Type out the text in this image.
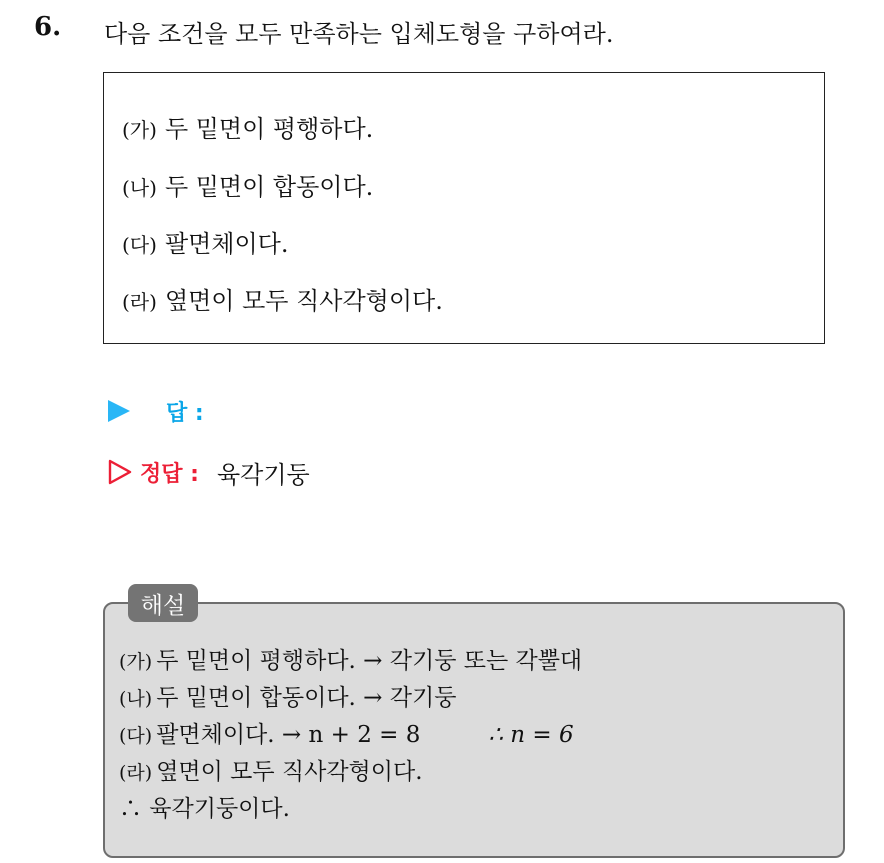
6. 다음 조건을 모두 만족하는 입체도형을 구하여라.
(가) 두 밑면이 평행하다.
(나) 두 밑면이 합동이다.
(다) 팔면체이다.
(라) 옆면이 모두 직사각형이다.
답 :
정답 : 육각기둥
(가) 두 밑면이 평행하다. → 각기둥 또는 각뿔대
(나) 두 밑면이 합동이다. → 각기둥
(다) 팔면체이다. → n + 2 = 8	∴ n = 6
(라) 옆면이 모두 직사각형이다.
∴ 육각기둥이다.
해설
